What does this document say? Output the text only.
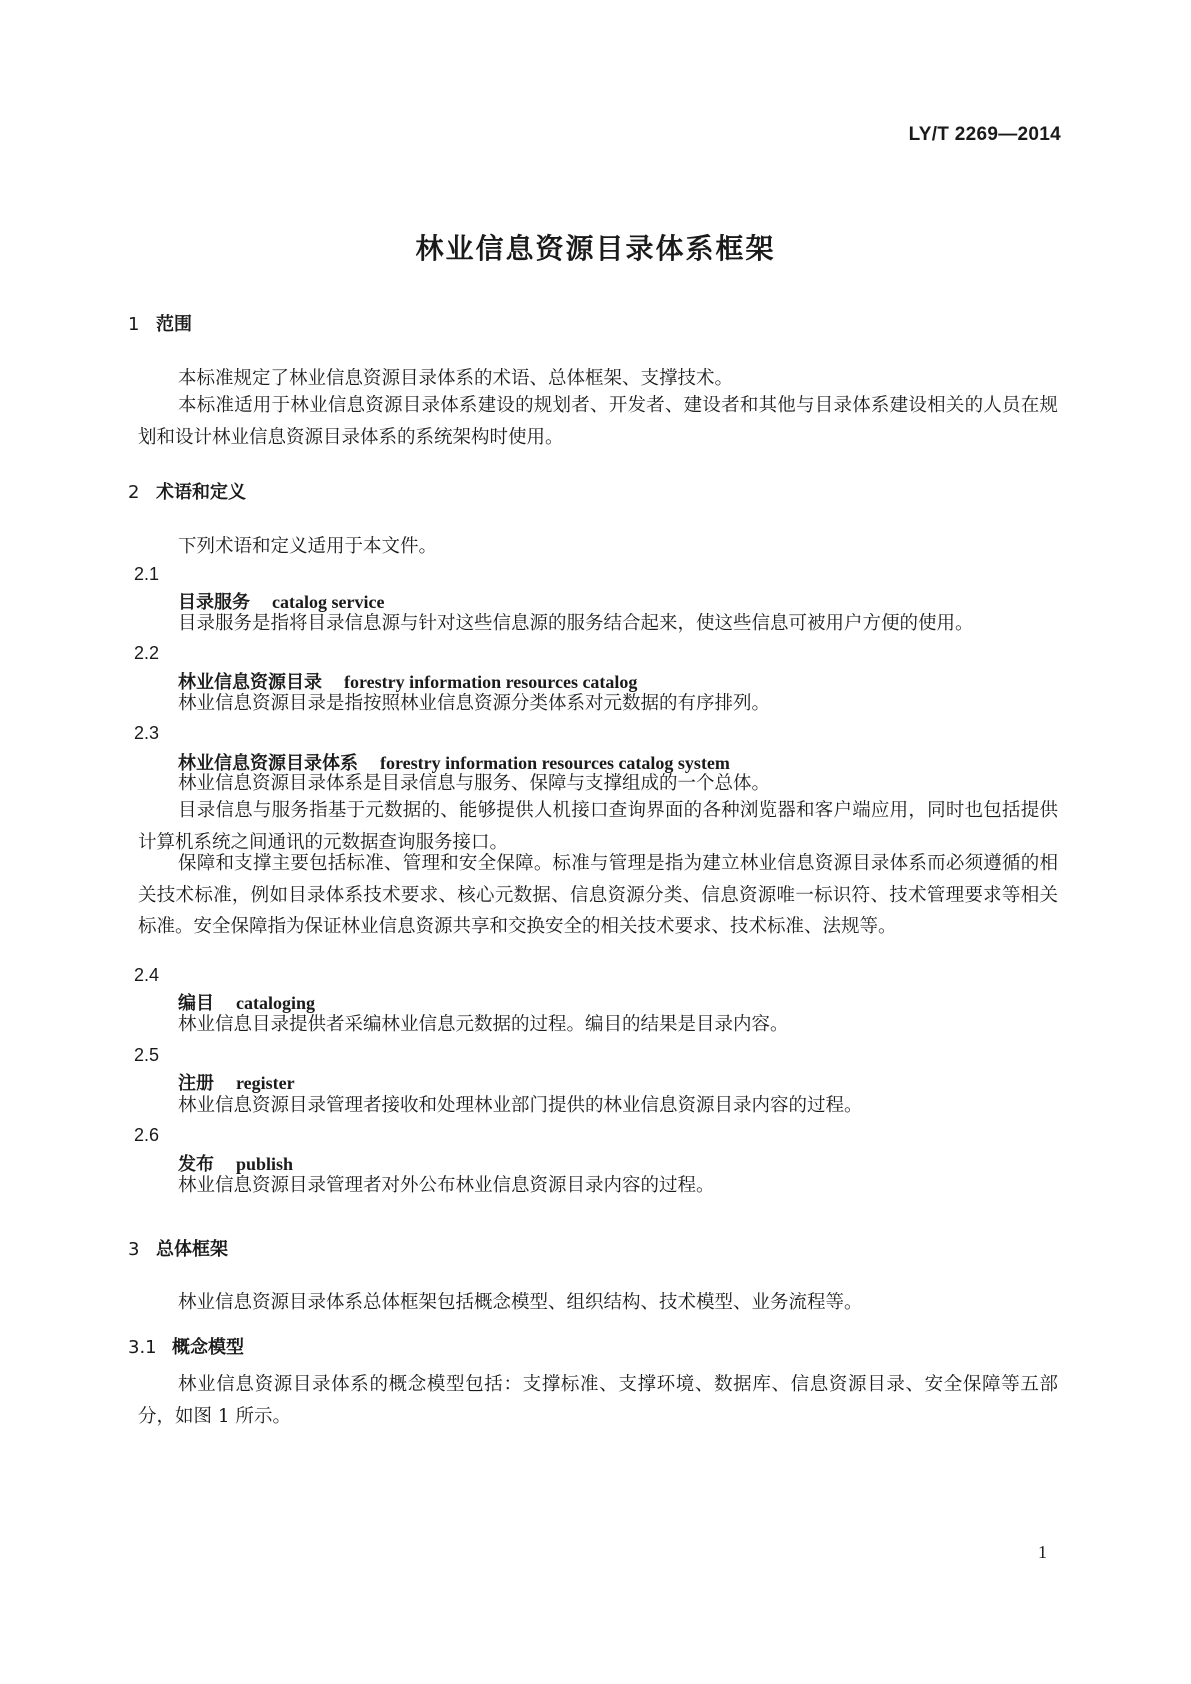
LY/T 2269—2014
林业信息资源目录体系框架
1 范围

本标准规定了林业信息资源目录体系的术语、总体框架、支撑技术。

本标准适用于林业信息资源目录体系建设的规划者、开发者、建设者和其他与目录体系建设相关的人员在规划和设计林业信息资源目录体系的系统架构时使用。

2 术语和定义

下列术语和定义适用于本文件。

2.1
目录服务 catalog service

目录服务是指将目录信息源与针对这些信息源的服务结合起来，使这些信息可被用户方便的使用。

2.2
林业信息资源目录 forestry information resources catalog

林业信息资源目录是指按照林业信息资源分类体系对元数据的有序排列。

2.3
林业信息资源目录体系 forestry information resources catalog system

林业信息资源目录体系是目录信息与服务、保障与支撑组成的一个总体。

目录信息与服务指基于元数据的、能够提供人机接口查询界面的各种浏览器和客户端应用，同时也包括提供计算机系统之间通讯的元数据查询服务接口。

保障和支撑主要包括标准、管理和安全保障。标准与管理是指为建立林业信息资源目录体系而必须遵循的相关技术标准，例如目录体系技术要求、核心元数据、信息资源分类、信息资源唯一标识符、技术管理要求等相关标准。安全保障指为保证林业信息资源共享和交换安全的相关技术要求、技术标准、法规等。

2.4
编目 cataloging

林业信息目录提供者采编林业信息元数据的过程。编目的结果是目录内容。

2.5
注册 register

林业信息资源目录管理者接收和处理林业部门提供的林业信息资源目录内容的过程。

2.6
发布 publish

林业信息资源目录管理者对外公布林业信息资源目录内容的过程。

3 总体框架

林业信息资源目录体系总体框架包括概念模型、组织结构、技术模型、业务流程等。

3.1 概念模型

林业信息资源目录体系的概念模型包括：支撑标准、支撑环境、数据库、信息资源目录、安全保障等五部分，如图 1 所示。

1
